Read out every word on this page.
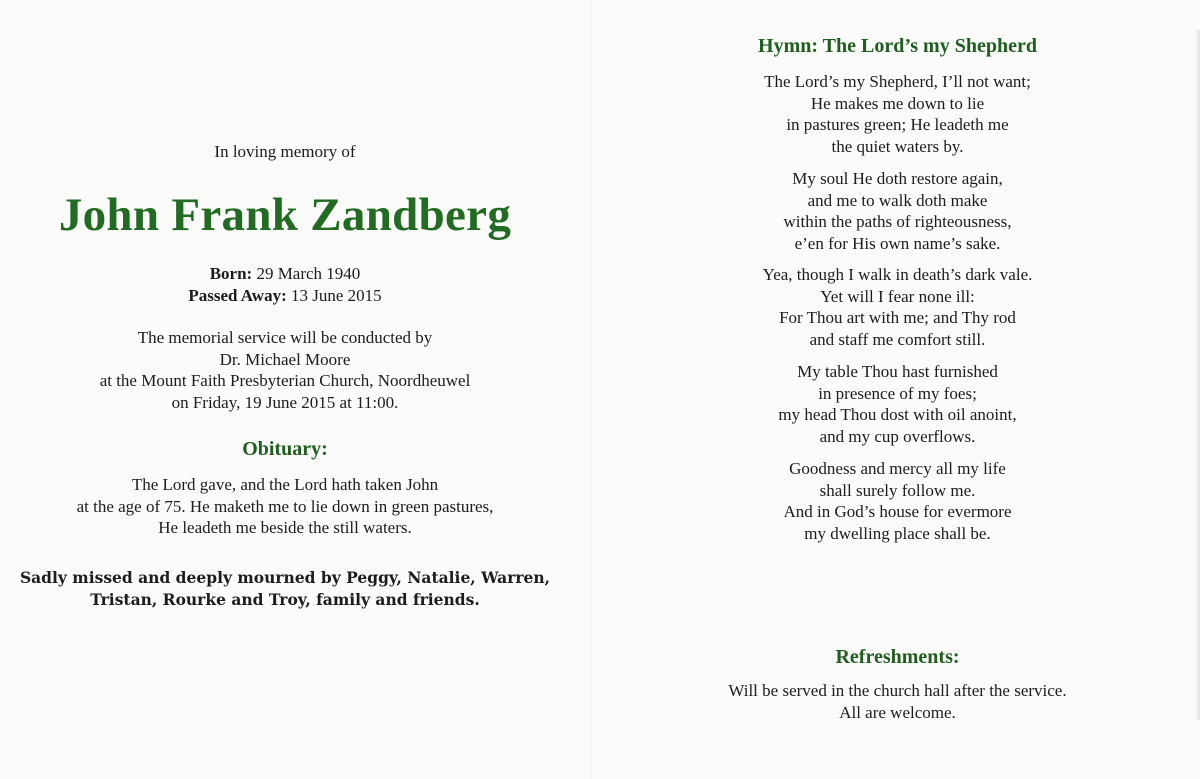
In loving memory of
John Frank Zandberg
Born: 29 March 1940
Passed Away: 13 June 2015
The memorial service will be conducted by
Dr. Michael Moore
at the Mount Faith Presbyterian Church, Noordheuwel
on Friday, 19 June 2015 at 11:00.
Obituary:
The Lord gave, and the Lord hath taken John
at the age of 75. He maketh me to lie down in green pastures,
He leadeth me beside the still waters.
Sadly missed and deeply mourned by Peggy, Natalie, Warren,
Tristan, Rourke and Troy, family and friends.
Hymn: The Lord’s my Shepherd
The Lord’s my Shepherd, I’ll not want;
He makes me down to lie
in pastures green; He leadeth me
the quiet waters by.
My soul He doth restore again,
and me to walk doth make
within the paths of righteousness,
e’en for His own name’s sake.
Yea, though I walk in death’s dark vale.
Yet will I fear none ill:
For Thou art with me; and Thy rod
and staff me comfort still.
My table Thou hast furnished
in presence of my foes;
my head Thou dost with oil anoint,
and my cup overflows.
Goodness and mercy all my life
shall surely follow me.
And in God’s house for evermore
my dwelling place shall be.
Refreshments:
Will be served in the church hall after the service.
All are welcome.
